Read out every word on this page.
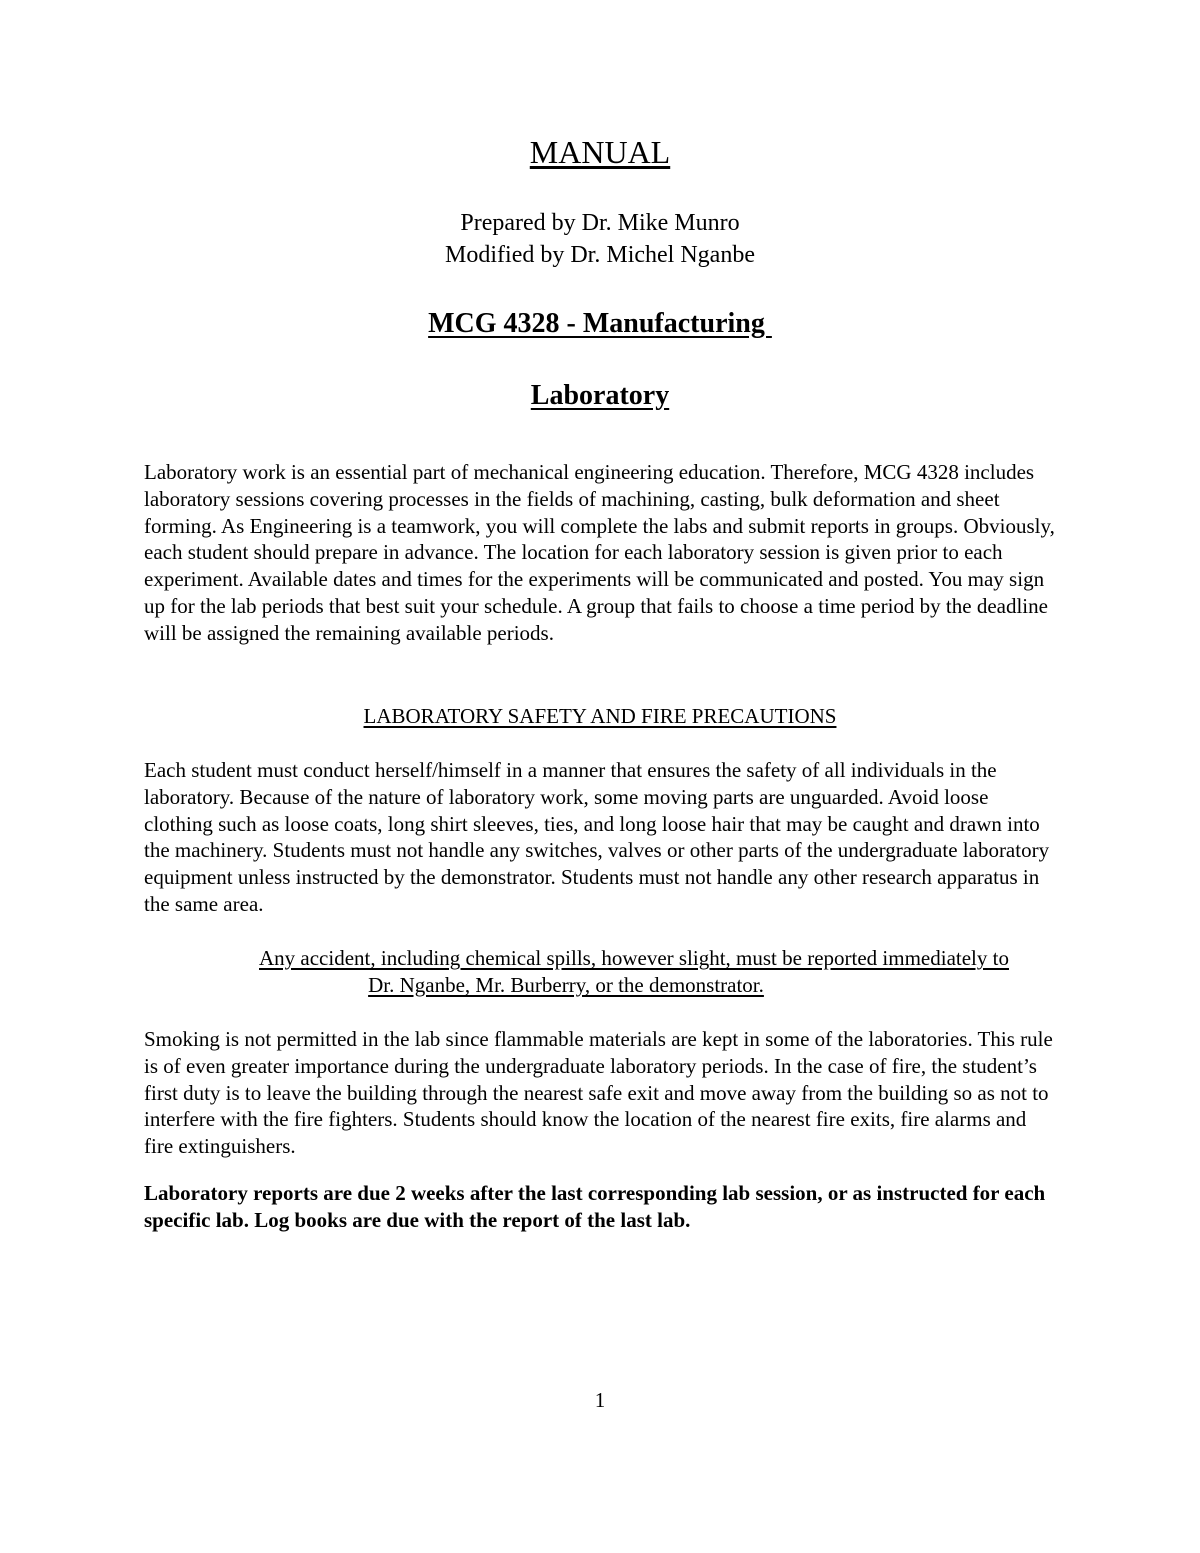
MANUAL
Prepared by Dr. Mike Munro
Modified by Dr. Michel Nganbe
MCG 4328 - Manufacturing
Laboratory

Laboratory work is an essential part of mechanical engineering education. Therefore, MCG 4328 includes laboratory sessions covering processes in the fields of machining, casting, bulk deformation and sheet forming. As Engineering is a teamwork, you will complete the labs and submit reports in groups. Obviously, each student should prepare in advance. The location for each laboratory session is given prior to each experiment. Available dates and times for the experiments will be communicated and posted. You may sign up for the lab periods that best suit your schedule. A group that fails to choose a time period by the deadline will be assigned the remaining available periods.

LABORATORY SAFETY AND FIRE PRECAUTIONS

Each student must conduct herself/himself in a manner that ensures the safety of all individuals in the laboratory. Because of the nature of laboratory work, some moving parts are unguarded. Avoid loose clothing such as loose coats, long shirt sleeves, ties, and long loose hair that may be caught and drawn into the machinery. Students must not handle any switches, valves or other parts of the undergraduate laboratory equipment unless instructed by the demonstrator. Students must not handle any other research apparatus in the same area.

Any accident, including chemical spills, however slight, must be reported immediately to
Dr. Nganbe, Mr. Burberry, or the demonstrator.

Smoking is not permitted in the lab since flammable materials are kept in some of the laboratories. This rule is of even greater importance during the undergraduate laboratory periods. In the case of fire, the student’s first duty is to leave the building through the nearest safe exit and move away from the building so as not to interfere with the fire fighters. Students should know the location of the nearest fire exits, fire alarms and fire extinguishers.

Laboratory reports are due 2 weeks after the last corresponding lab session, or as instructed for each specific lab. Log books are due with the report of the last lab.

1
